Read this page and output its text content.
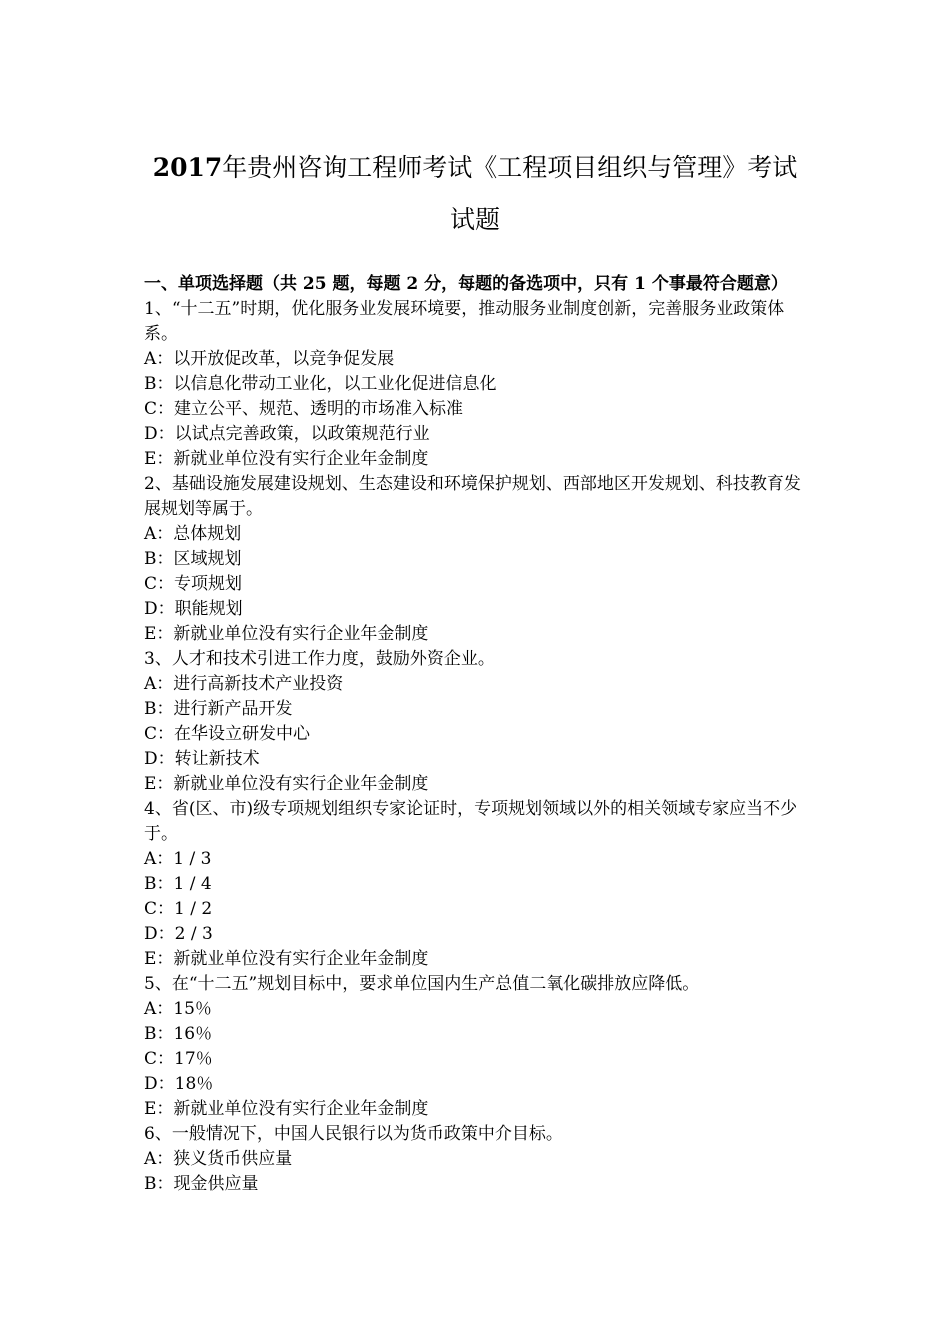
2017年贵州咨询工程师考试《工程项目组织与管理》考试
试题

一、单项选择题（共 25 题，每题 2 分，每题的备选项中，只有 1 个事最符合题意）

1、“十二五”时期，优化服务业发展环境要，推动服务业制度创新，完善服务业政策体系。

A：以开放促改革，以竞争促发展

B：以信息化带动工业化，以工业化促进信息化

C：建立公平、规范、透明的市场准入标准

D：以试点完善政策，以政策规范行业

E：新就业单位没有实行企业年金制度

2、基础设施发展建设规划、生态建设和环境保护规划、西部地区开发规划、科技教育发展规划等属于。

A：总体规划

B：区域规划

C：专项规划

D：职能规划

E：新就业单位没有实行企业年金制度

3、人才和技术引进工作力度，鼓励外资企业。

A：进行高新技术产业投资

B：进行新产品开发

C：在华设立研发中心

D：转让新技术

E：新就业单位没有实行企业年金制度

4、省(区、市)级专项规划组织专家论证时，专项规划领域以外的相关领域专家应当不少于。

A：1 / 3

B：1 / 4

C：1 / 2

D：2 / 3

E：新就业单位没有实行企业年金制度

5、在“十二五”规划目标中，要求单位国内生产总值二氧化碳排放应降低。

A：15％

B：16％

C：17％

D：18％

E：新就业单位没有实行企业年金制度

6、一般情况下，中国人民银行以为货币政策中介目标。

A：狭义货币供应量

B：现金供应量
